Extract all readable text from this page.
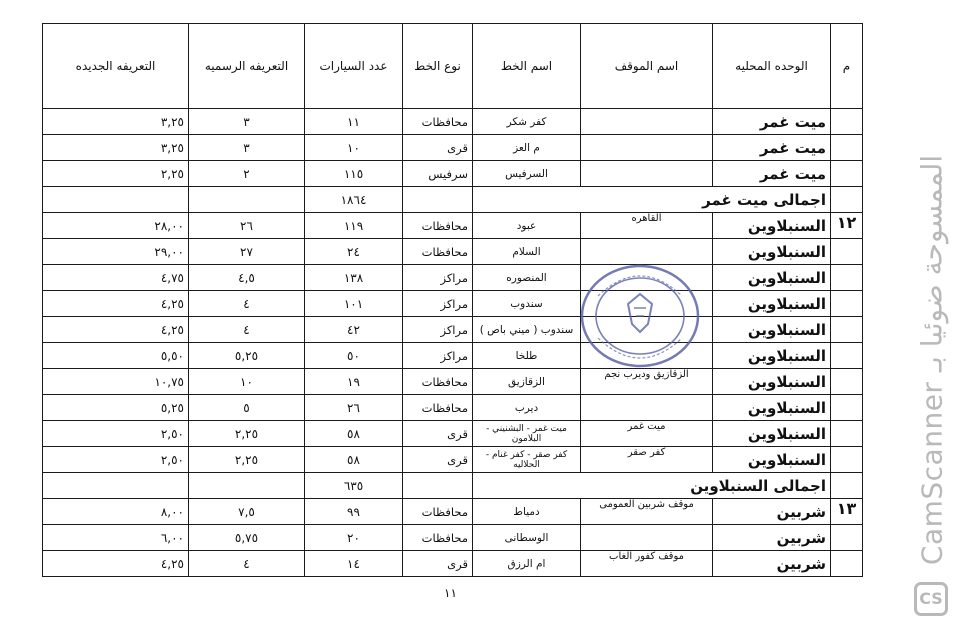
م	الوحده المحليه	اسم الموقف	اسم الخط	نوع الخط	عدد السيارات	التعريفه الرسميه	التعريفه الجديده
	ميت غمر		كفر شكر	محافظات	١١	٣	٣,٢٥
	ميت غمر		م العز	قرى	١٠	٣	٣,٢٥
	ميت غمر		السرفيس	سرفيس	١١٥	٢	٢,٢٥
	اجمالى ميت غمر				١٨٦٤		
١٢	السنبلاوين	القاهره	عبود	محافظات	١١٩	٢٦	٢٨,٠٠
	السنبلاوين		السلام	محافظات	٢٤	٢٧	٢٩,٠٠
	السنبلاوين		المنصوره	مراكز	١٣٨	٤,٥	٤,٧٥
	السنبلاوين		سندوب	مراكز	١٠١	٤	٤,٢٥
	السنبلاوين		سندوب ( ميني باص )	مراكز	٤٢	٤	٤,٢٥
	السنبلاوين		طلخا	مراكز	٥٠	٥,٢٥	٥,٥٠
	السنبلاوين	الزقازيق وديرب نجم	الزقازيق	محافظات	١٩	١٠	١٠,٧٥
	السنبلاوين		ديرب	محافظات	٢٦	٥	٥,٢٥
	السنبلاوين	ميت غمر	ميت غمر - البشنيني - البلامون	قرى	٥٨	٢,٢٥	٢,٥٠
	السنبلاوين	كفر صقر	كفر صقر - كفر غنام - الحلاليه	قرى	٥٨	٢,٢٥	٢,٥٠
	اجمالى السنبلاوين				٦٣٥		
١٣	شربين	موقف شربين العمومى	دمياط	محافظات	٩٩	٧,٥	٨,٠٠
	شربين		الوسطانى	محافظات	٢٠	٥,٧٥	٦,٠٠
	شربين	موقف كفور الغاب	ام الرزق	قرى	١٤	٤	٤,٢٥
١١
CamScanner الممسوحة ضوئيا بـ
CS
